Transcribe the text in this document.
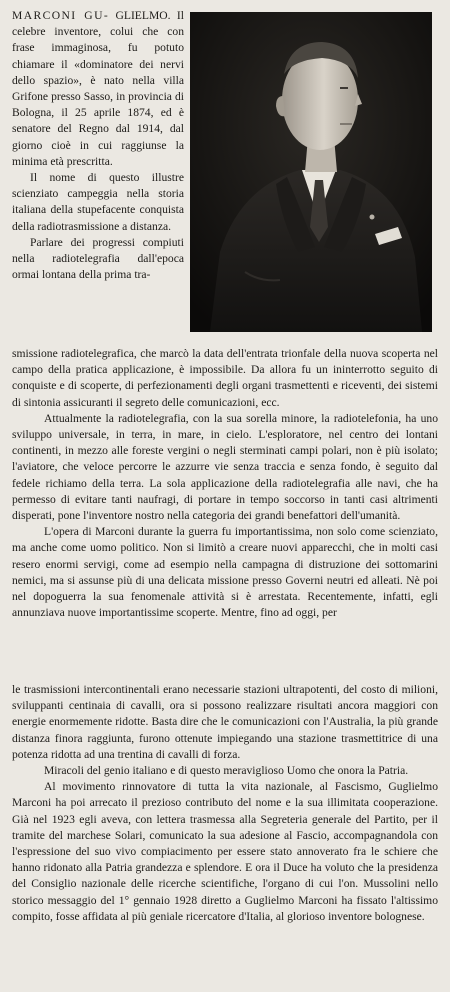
MARCONI GU- GLIELMO. Il celebre inventore, colui che con frase immaginosa, fu potuto chiamare il «dominatore dei nervi dello spazio», è nato nella villa Grifone presso Sasso, in provincia di Bologna, il 25 aprile 1874, ed è senatore del Regno dal 1914, dal giorno cioè in cui raggiunse la minima età prescritta.

Il nome di questo illustre scienziato campeggia nella storia italiana della stupefacente conquista della radiotrasmissione a distanza.

Parlare dei progressi compiuti nella radiotelegrafia dall'epoca ormai lontana della prima tra-

smissione radiotelegrafica, che marcò la data dell'entrata trionfale della nuova scoperta nel campo della pratica applicazione, è impossibile. Da allora fu un ininterrotto seguito di conquiste e di scoperte, di perfezionamenti degli organi trasmettenti e riceventi, dei sistemi di sintonia assicuranti il segreto delle comunicazioni, ecc.

Attualmente la radiotelegrafia, con la sua sorella minore, la radiotelefonia, ha uno sviluppo universale, in terra, in mare, in cielo. L'esploratore, nel centro dei lontani continenti, in mezzo alle foreste vergini o negli sterminati campi polari, non è più isolato; l'aviatore, che veloce percorre le azzurre vie senza traccia e senza fondo, è seguito dal fedele richiamo della terra. La sola applicazione della radiotelegrafia alle navi, che ha permesso di evitare tanti naufragi, di portare in tempo soccorso in tanti casi altrimenti disperati, pone l'inventore nostro nella categoria dei grandi benefattori dell'umanità.

L'opera di Marconi durante la guerra fu importantissima, non solo come scienziato, ma anche come uomo politico. Non si limitò a creare nuovi apparecchi, che in molti casi resero enormi servigi, come ad esempio nella campagna di distruzione dei sottomarini nemici, ma si assunse più di una delicata missione presso Governi neutri ed alleati. Nè poi nel dopoguerra la sua fenomenale attività si è arrestata. Recentemente, infatti, egli annunziava nuove importantissime scoperte. Mentre, fino ad oggi, per

le trasmissioni intercontinentali erano necessarie stazioni ultrapotenti, del costo di milioni, sviluppanti centinaia di cavalli, ora si possono realizzare risultati ancora maggiori con energie enormemente ridotte. Basta dire che le comunicazioni con l'Australia, la più grande distanza finora raggiunta, furono ottenute impiegando una stazione trasmettitrice di una potenza ridotta ad una trentina di cavalli di forza.

Miracoli del genio italiano e di questo meraviglioso Uomo che onora la Patria.

Al movimento rinnovatore di tutta la vita nazionale, al Fascismo, Guglielmo Marconi ha poi arrecato il prezioso contributo del nome e la sua illimitata cooperazione. Già nel 1923 egli aveva, con lettera trasmessa alla Segreteria generale del Partito, per il tramite del marchese Solari, comunicato la sua adesione al Fascio, accompagnandola con l'espressione del suo vivo compiacimento per essere stato annoverato fra le schiere che hanno ridonato alla Patria grandezza e splendore. E ora il Duce ha voluto che la presidenza del Consiglio nazionale delle ricerche scientifiche, l'organo di cui l'on. Mussolini nello storico messaggio del 1° gennaio 1928 diretto a Guglielmo Marconi ha fissato l'altissimo compito, fosse affidata al più geniale ricercatore d'Italia, al glorioso inventore bolognese.
